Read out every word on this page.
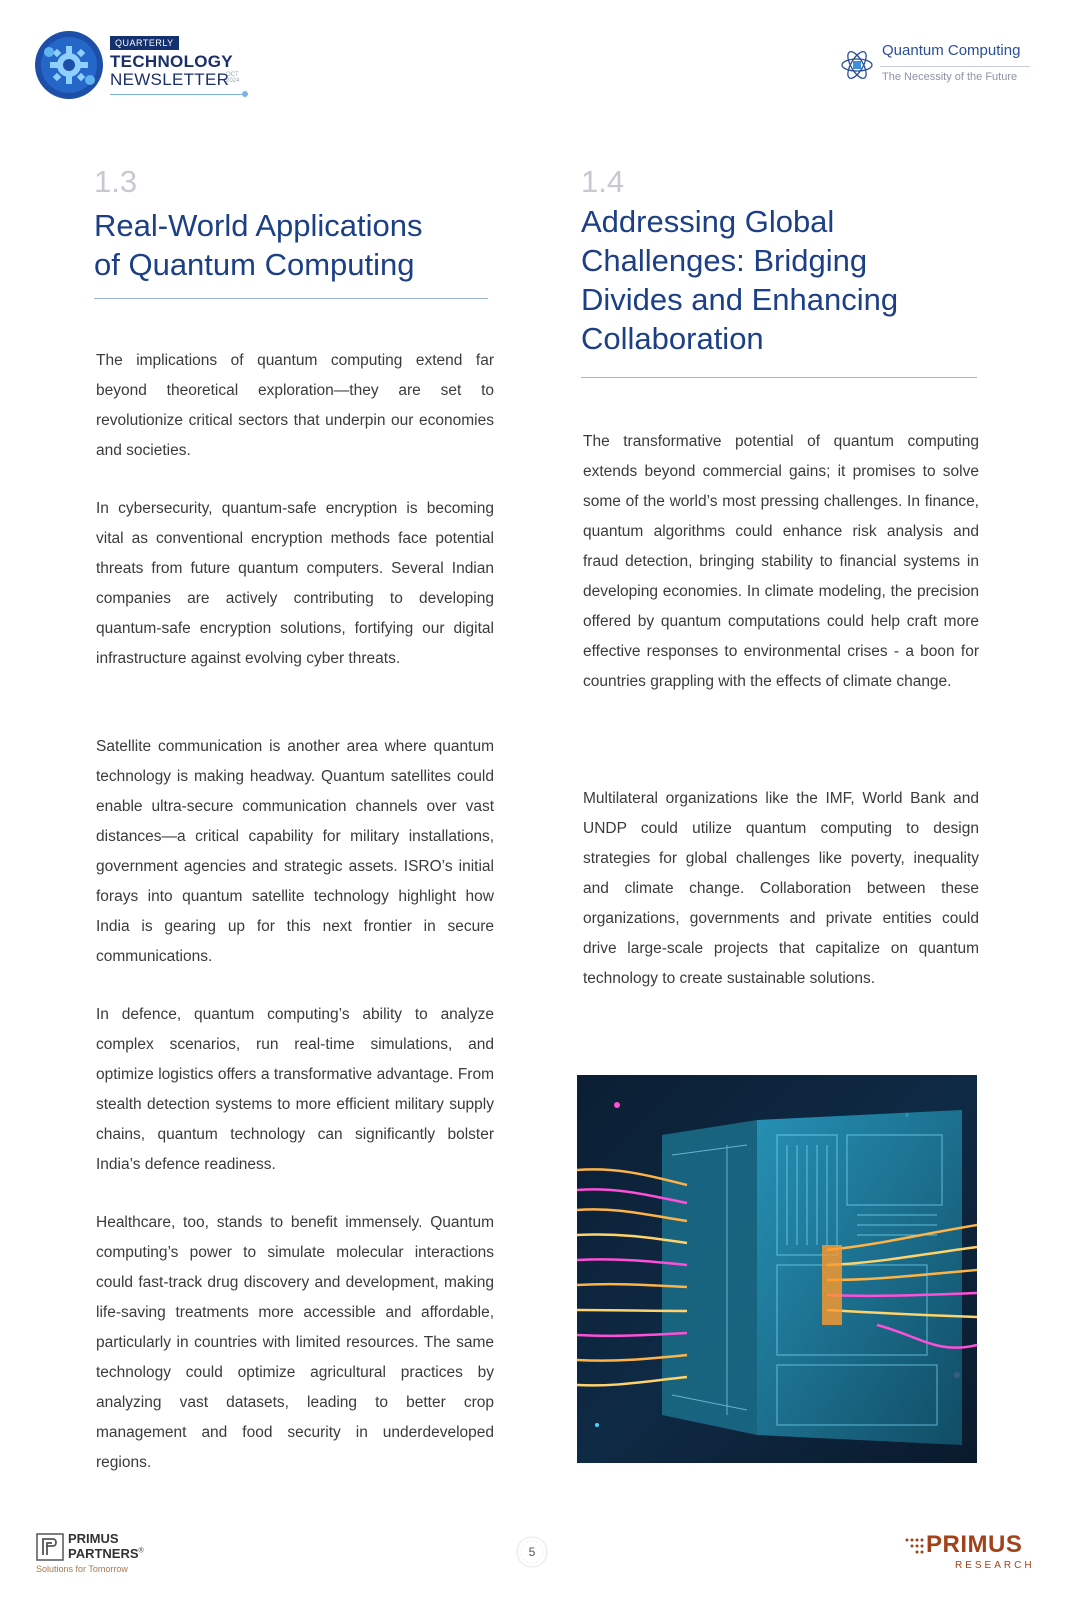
QUARTERLY
TECHNOLOGY
NEWSLETTER
OCT
2024
Quantum Computing
The Necessity of the Future
1.3
Real-World Applications
of Quantum Computing

The implications of quantum computing extend far beyond theoretical exploration—they are set to revolutionize critical sectors that underpin our economies and societies.

In cybersecurity, quantum-safe encryption is becoming vital as conventional encryption methods face potential threats from future quantum computers. Several Indian companies are actively contributing to developing quantum-safe encryption solutions, fortifying our digital infrastructure against evolving cyber threats.

Satellite communication is another area where quantum technology is making headway. Quantum satellites could enable ultra-secure communication channels over vast distances—a critical capability for military installations, government agencies and strategic assets. ISRO’s initial forays into quantum satellite technology highlight how India is gearing up for this next frontier in secure communications.

In defence, quantum computing’s ability to analyze complex scenarios, run real-time simulations, and optimize logistics offers a transformative advantage. From stealth detection systems to more efficient military supply chains, quantum technology can significantly bolster India’s defence readiness.

Healthcare, too, stands to benefit immensely. Quantum computing’s power to simulate molecular interactions could fast-track drug discovery and development, making life-saving treatments more accessible and affordable, particularly in countries with limited resources. The same technology could optimize agricultural practices by analyzing vast datasets, leading to better crop management and food security in underdeveloped regions.

1.4
Addressing Global
Challenges: Bridging
Divides and Enhancing
Collaboration

The transformative potential of quantum computing extends beyond commercial gains; it promises to solve some of the world’s most pressing challenges. In finance, quantum algorithms could enhance risk analysis and fraud detection, bringing stability to financial systems in developing economies. In climate modeling, the precision offered by quantum computations could help craft more effective responses to environmental crises - a boon for countries grappling with the effects of climate change.

Multilateral organizations like the IMF, World Bank and UNDP could utilize quantum computing to design strategies for global challenges like poverty, inequality and climate change. Collaboration between these organizations, governments and private entities could drive large-scale projects that capitalize on quantum technology to create sustainable solutions.

PRIMUS
PARTNERS®
Solutions for Tomorrow
5	PRIMUS
RESEARCH
